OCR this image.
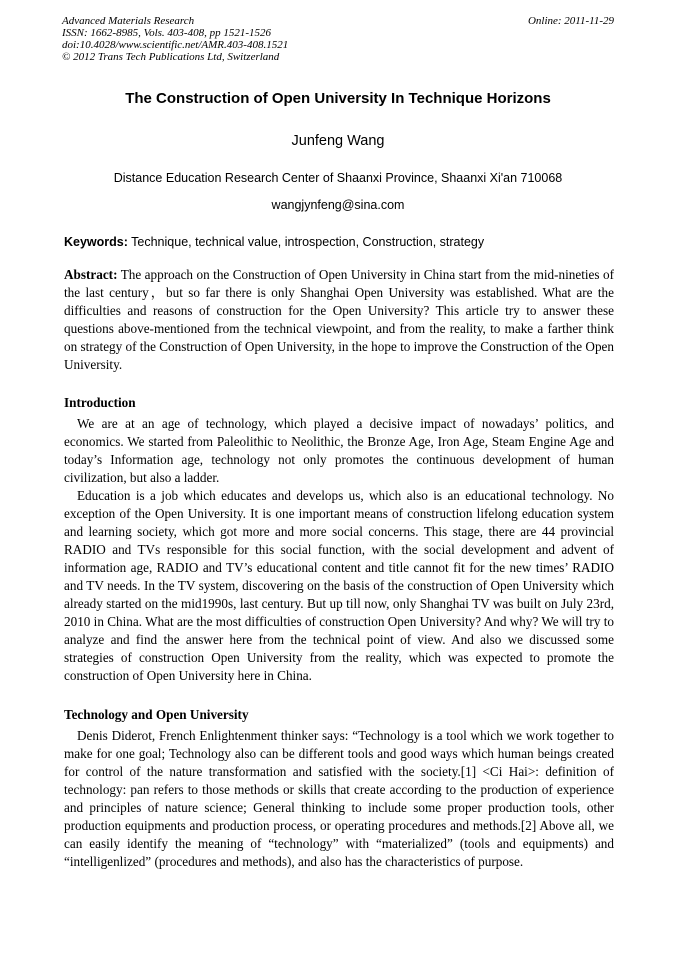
Advanced Materials Research
ISSN: 1662-8985, Vols. 403-408, pp 1521-1526
doi:10.4028/www.scientific.net/AMR.403-408.1521
© 2012 Trans Tech Publications Ltd, Switzerland
Online: 2011-11-29
The Construction of Open University In Technique Horizons
Junfeng Wang
Distance Education Research Center of Shaanxi Province, Shaanxi Xi'an 710068
wangjynfeng@sina.com
Keywords: Technique, technical value, introspection, Construction, strategy

Abstract: The approach on the Construction of Open University in China start from the mid-nineties of the last century，but so far there is only Shanghai Open University was established. What are the difficulties and reasons of construction for the Open University? This article try to answer these questions above-mentioned from the technical viewpoint, and from the reality, to make a farther think on strategy of the Construction of Open University, in the hope to improve the Construction of the Open University.

Introduction

We are at an age of technology, which played a decisive impact of nowadays’ politics, and economics. We started from Paleolithic to Neolithic, the Bronze Age, Iron Age, Steam Engine Age and today’s Information age, technology not only promotes the continuous development of human civilization, but also a ladder.

Education is a job which educates and develops us, which also is an educational technology. No exception of the Open University. It is one important means of construction lifelong education system and learning society, which got more and more social concerns. This stage, there are 44 provincial RADIO and TVs responsible for this social function, with the social development and advent of information age, RADIO and TV’s educational content and title cannot fit for the new times’ RADIO and TV needs. In the TV system, discovering on the basis of the construction of Open University which already started on the mid1990s, last century. But up till now, only Shanghai TV was built on July 23rd, 2010 in China. What are the most difficulties of construction Open University? And why? We will try to analyze and find the answer here from the technical point of view. And also we discussed some strategies of construction Open University from the reality, which was expected to promote the construction of Open University here in China.

Technology and Open University

Denis Diderot, French Enlightenment thinker says: “Technology is a tool which we work together to make for one goal; Technology also can be different tools and good ways which human beings created for control of the nature transformation and satisfied with the society.[1] <Ci Hai>: definition of technology: pan refers to those methods or skills that create according to the production of experience and principles of nature science; General thinking to include some proper production tools, other production equipments and production process, or operating procedures and methods.[2] Above all, we can easily identify the meaning of “technology” with “materialized” (tools and equipments) and “intelligenlized” (procedures and methods), and also has the characteristics of purpose.
